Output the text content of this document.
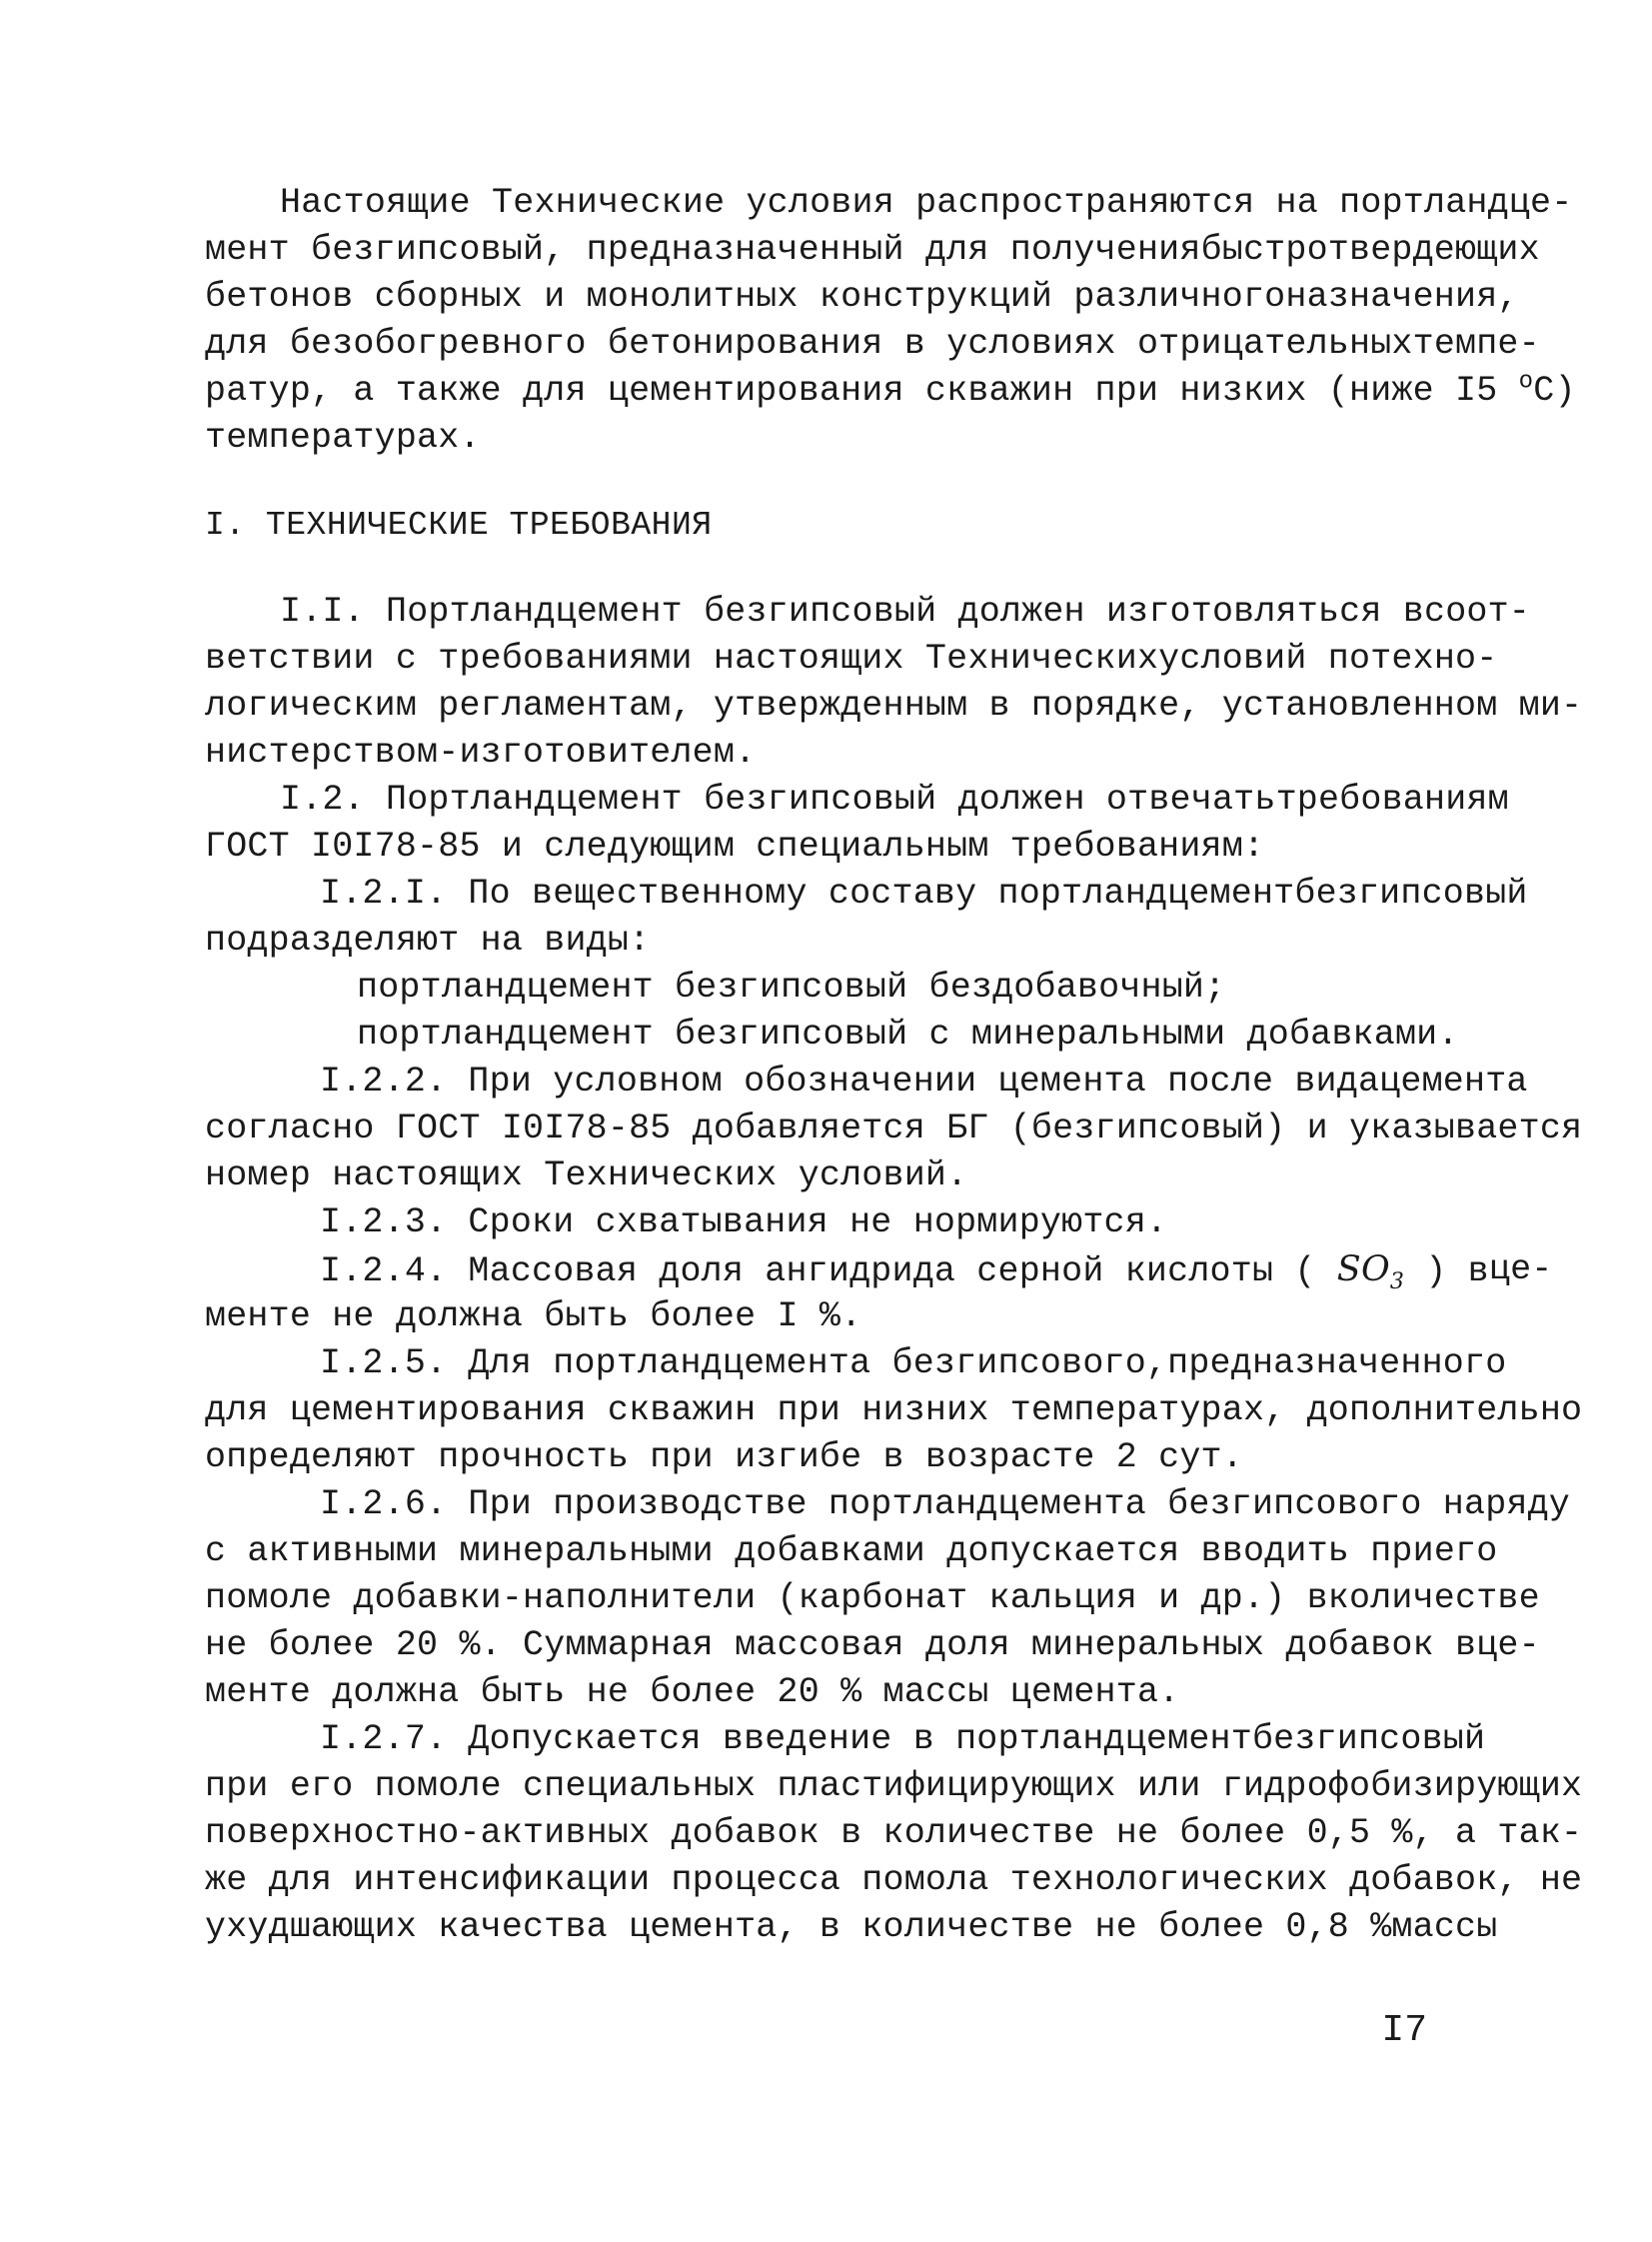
Настоящие Технические условия распространяются на портландце-
мент безгипсовый, предназначенный для получения быстротвердеющих
бетонов сборных и монолитных конструкций различного назначения,
для безобогревного бетонирования в условиях отрицательных темпе-
ратур, а также для цементирования скважин при низких (ниже I5 $^о$С)
температурах.
I. ТЕХНИЧЕСКИЕ ТРЕБОВАНИЯ
I.I. Портландцемент безгипсовый должен изготовляться в соот-
ветствии с требованиями настоящих Технических условий по техно-
логическим регламентам, утвержденным в порядке, установленном ми-
нистерством-изготовителем.
I.2. Портландцемент безгипсовый должен отвечать требованиям
ГОСТ I0I78-85 и следующим специальным требованиям:
I.2.I. По вещественному составу портландцемент безгипсовый
подразделяют на виды:
портландцемент безгипсовый бездобавочный;
портландцемент безгипсовый с минеральными добавками.
I.2.2. При условном обозначении цемента после вида цемента
согласно ГОСТ I0I78-85 добавляется БГ (безгипсовый) и указывается
номер настоящих Технических условий.
I.2.3. Сроки схватывания не нормируются.
I.2.4. Массовая доля ангидрида серной кислоты ( $SO_3$ ) в це-
менте не должна быть более I %.
I.2.5. Для портландцемента безгипсового, предназначенного
для цементирования скважин при низних температурах, дополнительно
определяют прочность при изгибе в возрасте 2 сут.
I.2.6. При производстве портландцемента безгипсового наряду
с активными минеральными добавками допускается вводить при его
помоле добавки-наполнители (карбонат кальция и др.) в количестве
не более 20 %. Суммарная массовая доля минеральных добавок в це-
менте должна быть не более 20 % массы цемента.
I.2.7. Допускается введение в портландцемент безгипсовый
при его помоле специальных пластифицирующих или гидрофобизирующих
поверхностно-активных добавок в количестве не более 0,5 %, а так-
же для интенсификации процесса помола технологических добавок, не
ухудшающих качества цемента, в количестве не более 0,8 % массы
I7
